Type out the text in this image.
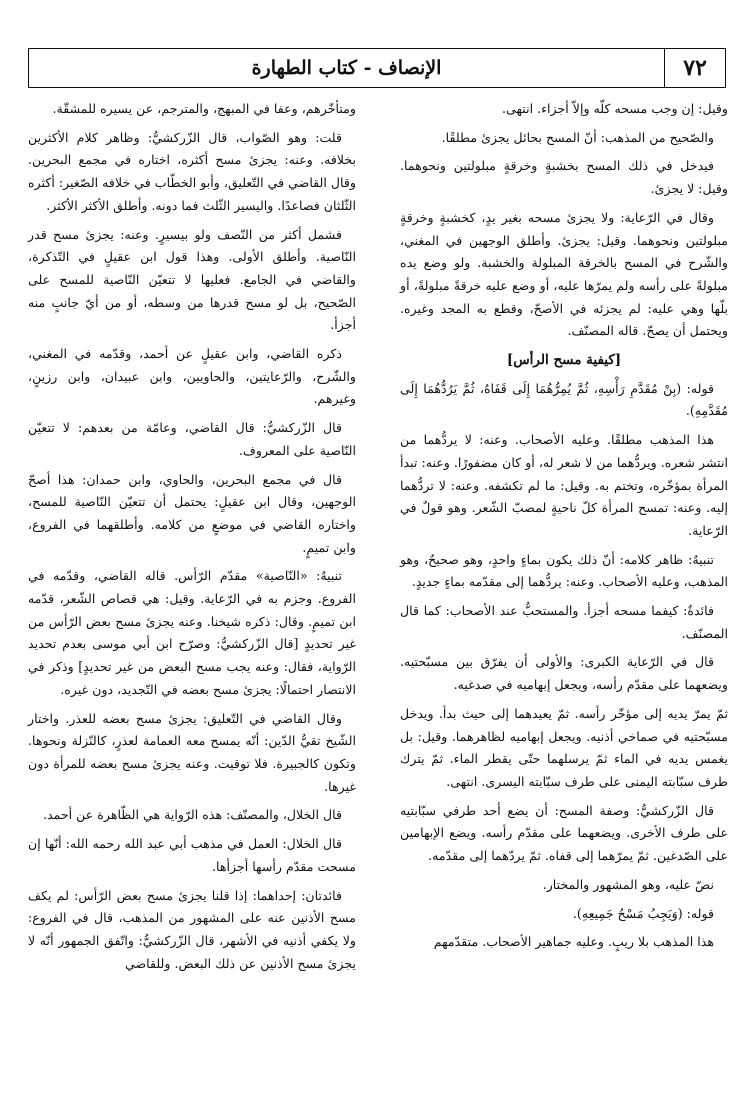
٧٢
الإنصاف - كتاب الطهارة

وقيل: إن وجب مسحه كلّه وإلاّ أجزاء. انتهى.

والصّحيح من المذهب: أنّ المسح بحائل يجزئ مطلقًا.

فيدخل في ذلك المسح بخشبةٍ وخرقةٍ مبلولتين ونحوهما. وقيل: لا يجزئ.

وقال في الرّعاية: ولا يجزئ مسحه بغير يدٍ، كخشبةٍ وخرقةٍ مبلولتين ونحوهما. وقيل: يجزئ. وأطلق الوجهين في المغني، والشّرح في المسح بالخرقة المبلولة والخشبة. ولو وضع يده مبلولةً على رأسه ولم يمرّها عليه، أو وضع عليه خرقةً مبلولةً، أو بلّها وهي عليه: لم يجزئه في الأصحّ، وقطع به المجد وغيره. ويحتمل أن يصحّ. قاله المصنّف.

[كيفية مسح الرأس]

قوله: (بِنْ مُقَدَّمِ رَأْسِهِ، ثُمَّ يُمِرُّهُمَا إِلَى قَفَاهُ، ثُمَّ يَرُدُّهُمَا إِلَى مُقَدَّمِهِ).

هذا المذهب مطلقًا. وعليه الأصحاب. وعنه: لا يردُّهما من انتشر شعره. ويردُّهما من لا شعر له، أو كان مضفورًا. وعنه: تبدأ المرأة بمؤخّره، وتختم به. وقيل: ما لم تكشفه. وعنه: لا تردُّهما إليه. وعنه: تمسح المرأة كلّ ناحيةٍ لمصبّ الشّعر. وهو قولٌ في الرّعاية.

تنبيهٌ: ظاهر كلامه: أنّ ذلك يكون بماءٍ واحدٍ، وهو صحيحٌ، وهو المذهب، وعليه الأصحاب. وعنه: يردُّهما إلى مقدّمه بماءٍ جديدٍ.

فائدةٌ: كيفما مسحه أجزأ. والمستحبُّ عند الأصحاب: كما قال المصنّف.

قال في الرّعاية الكبرى: والأولى أن يفرّق بين مسبّحتيه. ويضعهما على مقدّم رأسه، ويجعل إبهاميه في صدغيه.

ثمّ يمرّ يديه إلى مؤخّر رأسه. ثمّ يعيدهما إلى حيث بدأ. ويدخل مسبّحتيه في صماخي أذنيه. ويجعل إبهاميه لظاهرهما. وقيل: بل يغمس يديه في الماء ثمّ يرسلهما حتّى يقطر الماء. ثمّ يترك طرف سبّابته اليمنى على طرف سبّابته اليسرى. انتهى.

قال الزّركشيُّ: وصفة المسح: أن يضع أحد طرفي سبّابتيه على طرف الأخرى. ويضعهما على مقدّم رأسه. ويضع الإبهامين على الصّدغين. ثمّ يمرّهما إلى قفاه. ثمّ يردّهما إلى مقدّمه.

نصّ عليه، وهو المشهور والمختار.

قوله: (وَيَجِبُ مَسْحُ جَمِيعِهِ).

هذا المذهب بلا ريبٍ. وعليه جماهير الأصحاب. متقدّمهم

ومتأخّرهم، وعفا في المبهج، والمترجم، عن يسيره للمشقّة.

قلت: وهو الصّواب، قال الزّركشيُّ: وظاهر كلام الأكثرين بخلافه. وعنه: يجزئ مسح أكثره، اختاره في مجمع البحرين. وقال القاضي في التّعليق، وأبو الخطّاب في خلافه الصّغير: أكثره الثّلثان فصاعدًا. واليسير الثّلث فما دونه. وأطلق الأكثر الأكثر.

فشمل أكثر من النّصف ولو بيسيرٍ. وعنه: يجزئ مسح قدر النّاصية. وأطلق الأولى. وهذا قول ابن عقيلٍ في التّذكرة، والقاضي في الجامع. فعليها لا تتعيّن النّاصية للمسح على الصّحيح، بل لو مسح قدرها من وسطه، أو من أيّ جانبٍ منه أجزأ.

ذكره القاضي، وابن عقيلٍ عن أحمد، وقدّمه في المغني، والشّرح، والرّعايتين، والحاويين، وابن عبيدان، وابن رزينٍ، وغيرهم.

قال الزّركشيُّ: قال القاضي، وعامّة من بعدهم: لا تتعيّن النّاصية على المعروف.

قال في مجمع البحرين، والحاوي، وابن حمدان: هذا أصحّ الوجهين، وقال ابن عقيلٍ: يحتمل أن تتعيّن النّاصية للمسح، واختاره القاضي في موضعٍ من كلامه. وأطلقهما في الفروع، وابن تميمٍ.

تنبيهٌ: «النّاصية» مقدّم الرّأس. قاله القاضي، وقدّمه في الفروع. وجزم به في الرّعاية. وقيل: هي قصاص الشّعر، قدّمه ابن تميمٍ. وقال: ذكره شيخنا. وعنه يجزئ مسح بعض الرّأس من غير تحديدٍ [قال الزّركشيُّ: وصرّح ابن أبي موسى بعدم تحديد الرّواية، فقال: وعنه يجب مسح البعض من غير تحديدٍ] وذكر في الانتصار احتمالًا: يجزئ مسح بعضه في التّجديد، دون غيره.

وقال القاضي في التّعليق: يجزئ مسح بعضه للعذر. واختار الشّيخ تقيُّ الدّين: أنّه يمسح معه العمامة لعذرٍ، كالنّزلة ونحوها. وتكون كالجبيرة. فلا توقيت. وعنه يجزئ مسح بعضه للمرأة دون غيرها.

قال الخلال، والمصنّف: هذه الرّواية هي الظّاهرة عن أحمد.

قال الخلال: العمل في مذهب أبي عبد الله رحمه الله: أنّها إن مسحت مقدّم رأسها أجزأها.

فائدتان: إحداهما: إذا قلنا يجزئ مسح بعض الرّأس: لم يكف مسح الأذنين عنه على المشهور من المذهب، قال في الفروع: ولا يكفي أذنيه في الأشهر، قال الزّركشيُّ: واتّفق الجمهور أنّه لا يجزئ مسح الأذنين عن ذلك البعض. وللقاضي
